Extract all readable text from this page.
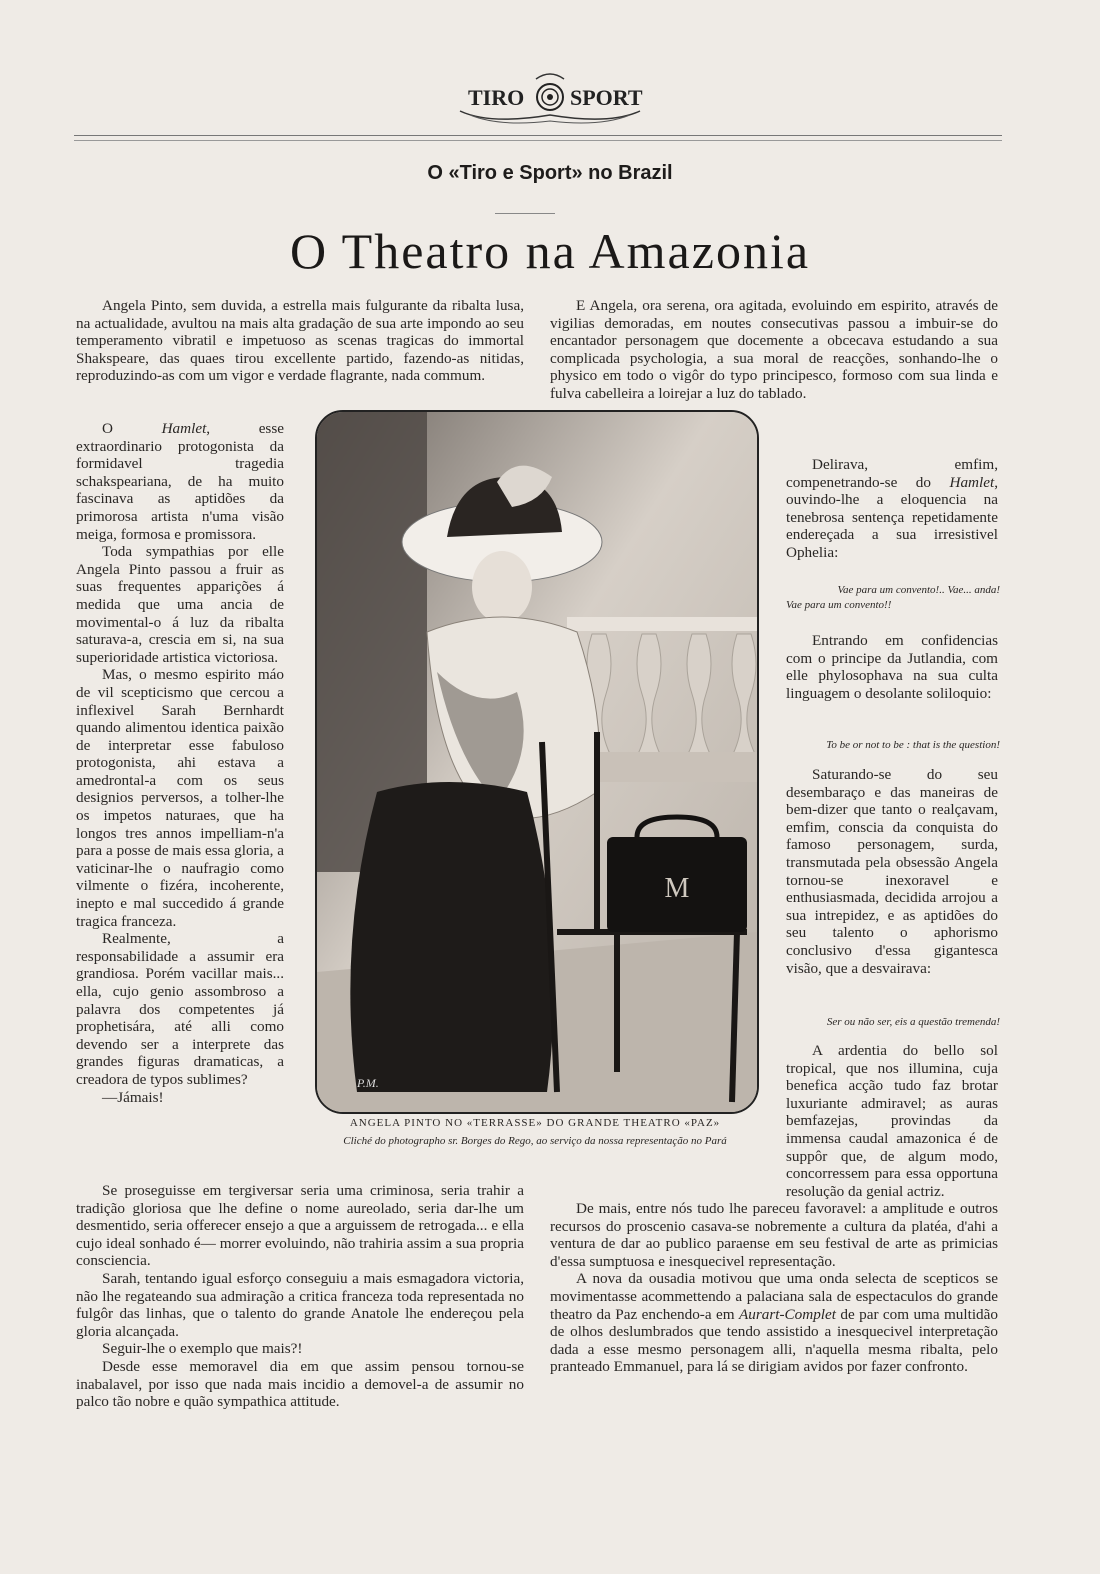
TIRO SPORT
O «Tiro e Sport» no Brazil
O Theatro na Amazonia

Angela Pinto, sem duvida, a estrella mais fulgurante da ribalta lusa, na actualidade, avultou na mais alta gradação de sua arte impondo ao seu temperamento vibratil e impetuoso as scenas tragicas do immortal Shakspeare, das quaes tirou excellente partido, fazendo-as nitidas, reproduzindo-as com um vigor e verdade flagrante, nada commum.

O Hamlet, esse extraordinario protogonista da formidavel tragedia schakspeariana, de ha muito fascinava as aptidões da primorosa artista n'uma visão meiga, formosa e promissora.

Toda sympathias por elle Angela Pinto passou a fruir as suas frequentes apparições á medida que uma ancia de movimental-o á luz da ribalta saturava-a, crescia em si, na sua superioridade artistica victoriosa.

Mas, o mesmo espirito máo de vil scepticismo que cercou a inflexivel Sarah Bernhardt quando alimentou identica paixão de interpretar esse fabuloso protogonista, ahi estava a amedrontal-a com os seus designios perversos, a tolher-lhe os impetos naturaes, que ha longos tres annos impelliam-n'a para a posse de mais essa gloria, a vaticinar-lhe o naufragio como vilmente o fizéra, incoherente, inepto e mal succedido á grande tragica franceza.

Realmente, a responsabilidade a assumir era grandiosa. Porém vacillar mais... ella, cujo genio assombroso a palavra dos competentes já prophetisára, até alli como devendo ser a interprete das grandes figuras dramaticas, a creadora de typos sublimes?

—Jámais!

Se proseguisse em tergiversar seria uma criminosa, seria trahir a tradição gloriosa que lhe define o nome aureolado, seria dar-lhe um desmentido, seria offerecer ensejo a que a arguissem de retrogada... e ella cujo ideal sonhado é— morrer evoluindo, não trahiria assim a sua propria consciencia.

Sarah, tentando igual esforço conseguiu a mais esmagadora victoria, não lhe regateando sua admiração a critica franceza toda representada no fulgôr das linhas, que o talento do grande Anatole lhe endereçou pela gloria alcançada.

Seguir-lhe o exemplo que mais?!

Desde esse memoravel dia em que assim pensou tornou-se inabalavel, por isso que nada mais incidio a demovel-a de assumir no palco tão nobre e quão sympathica attitude.

E Angela, ora serena, ora agitada, evoluindo em espirito, através de vigilias demoradas, em noutes consecutivas passou a imbuir-se do encantador personagem que docemente a obcecava estudando a sua complicada psychologia, a sua moral de reacções, sonhando-lhe o physico em todo o vigôr do typo principesco, formoso com sua linda e fulva cabelleira a loirejar a luz do tablado.

Delirava, emfim, compenetrando-se do Hamlet, ouvindo-lhe a eloquencia na tenebrosa sentença repetidamente endereçada a sua irresistivel Ophelia:

Vae para um convento!.. Vae... anda!
Vae para um convento!!

Entrando em confidencias com o principe da Jutlandia, com elle phylosophava na sua culta linguagem o desolante soliloquio:

To be or not to be : that is the question!

Saturando-se do seu desembaraço e das maneiras de bem-dizer que tanto o realçavam, emfim, conscia da conquista do famoso personagem, surda, transmutada pela obsessão Angela tornou-se inexoravel e enthusiasmada, decidida arrojou a sua intrepidez, e as aptidões do seu talento o aphorismo conclusivo d'essa gigantesca visão, que a desvairava:

Ser ou não ser, eis a questão tremenda!

A ardentia do bello sol tropical, que nos illumina, cuja benefica acção tudo faz brotar luxuriante admiravel; as auras bemfazejas, provindas da immensa caudal amazonica é de suppôr que, de algum modo, concorressem para essa opportuna resolução da genial actriz.

De mais, entre nós tudo lhe pareceu favoravel: a amplitude e outros recursos do proscenio casava-se nobremente a cultura da platéa, d'ahi a ventura de dar ao publico paraense em seu festival de arte as primicias d'essa sumptuosa e inesquecivel representação.

A nova da ousadia motivou que uma onda selecta de scepticos se movimentasse acommettendo a palaciana sala de espectaculos do grande theatro da Paz enchendo-a em Aurart-Complet de par com uma multidão de olhos deslumbrados que tendo assistido a inesquecivel interpretação dada a esse mesmo personagem alli, n'aquella mesma ribalta, pelo pranteado Emmanuel, para lá se dirigiam avidos por fazer confronto.

M
P.M.
ANGELA PINTO NO «TERRASSE» DO GRANDE THEATRO «PAZ»
Cliché do photographo sr. Borges do Rego, ao serviço da nossa representação no Pará
